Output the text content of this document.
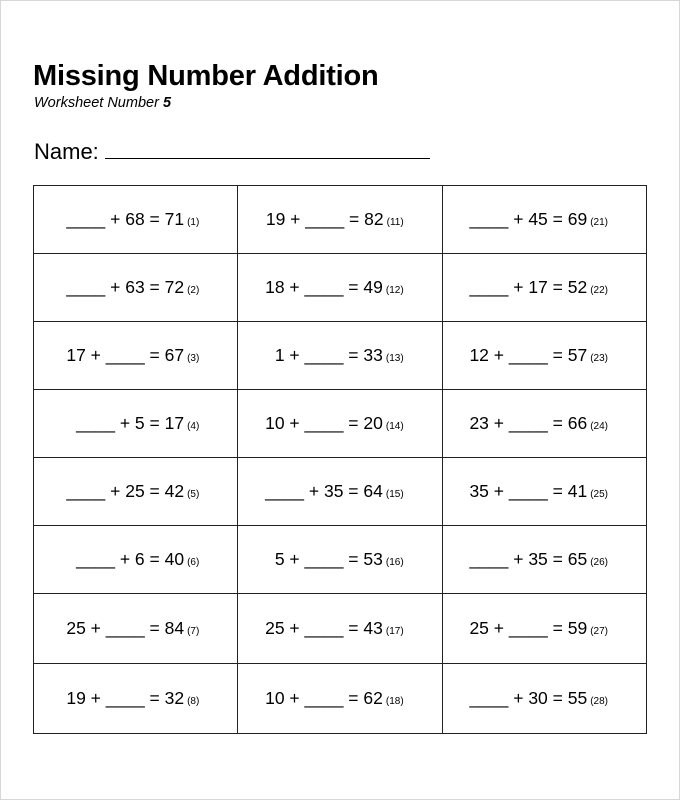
Missing Number Addition
Worksheet Number 5
Name:
____ + 68 = 71 (1)	19 + ____ = 82 (11)	____ + 45 = 69 (21)
____ + 63 = 72 (2)	18 + ____ = 49 (12)	____ + 17 = 52 (22)
17 + ____ = 67 (3)	1 + ____ = 33 (13)	12 + ____ = 57 (23)
____ + 5 = 17 (4)	10 + ____ = 20 (14)	23 + ____ = 66 (24)
____ + 25 = 42 (5)	____ + 35 = 64 (15)	35 + ____ = 41 (25)
____ + 6 = 40 (6)	5 + ____ = 53 (16)	____ + 35 = 65 (26)
25 + ____ = 84 (7)	25 + ____ = 43 (17)	25 + ____ = 59 (27)
19 + ____ = 32 (8)	10 + ____ = 62 (18)	____ + 30 = 55 (28)
